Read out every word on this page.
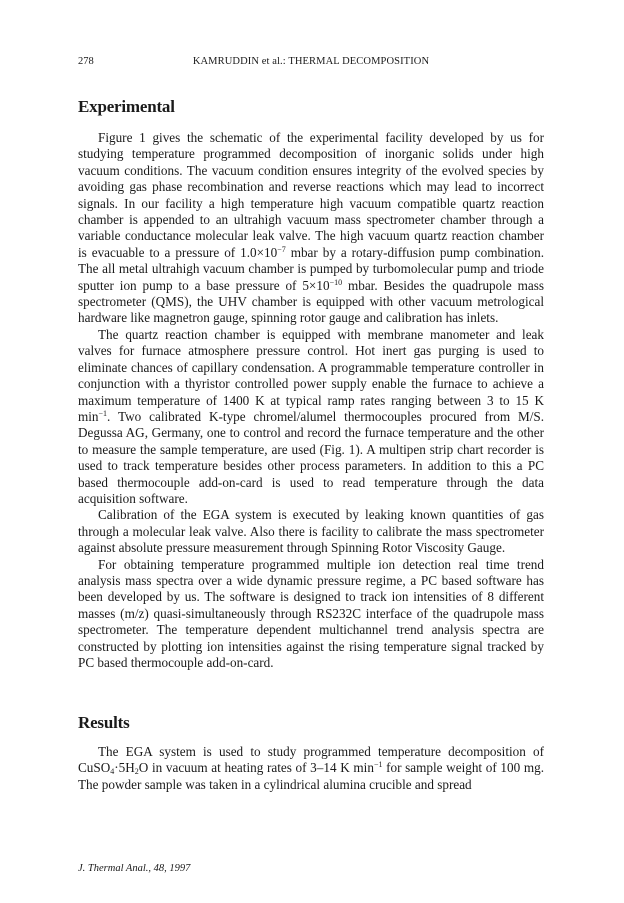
278	KAMRUDDIN et al.: THERMAL DECOMPOSITION
Experimental

Figure 1 gives the schematic of the experimental facility developed by us for studying temperature programmed decomposition of inorganic solids under high vacuum conditions. The vacuum condition ensures integrity of the evolved species by avoiding gas phase recombination and reverse reactions which may lead to incorrect signals. In our facility a high temperature high vacuum compatible quartz reaction chamber is appended to an ultrahigh vacuum mass spectrometer chamber through a variable conductance molecular leak valve. The high vacuum quartz reaction chamber is evacuable to a pressure of $1.0\times 10^{-7}$ mbar by a rotary-diffusion pump combination. The all metal ultrahigh vacuum chamber is pumped by turbomolecular pump and triode sputter ion pump to a base pressure of $5\times 10^{-10}$ mbar. Besides the quadrupole mass spectrometer (QMS), the UHV chamber is equipped with other vacuum metrological hardware like magnetron gauge, spinning rotor gauge and calibration has inlets.

The quartz reaction chamber is equipped with membrane manometer and leak valves for furnace atmosphere pressure control. Hot inert gas purging is used to eliminate chances of capillary condensation. A programmable temperature controller in conjunction with a thyristor controlled power supply enable the furnace to achieve a maximum temperature of 1400 K at typical ramp rates ranging between 3 to 15 K $\min^{-1}$. Two calibrated K-type chromel/alumel thermocouples procured from M/S. Degussa AG, Germany, one to control and record the furnace temperature and the other to measure the sample temperature, are used (Fig. 1). A multipen strip chart recorder is used to track temperature besides other process parameters. In addition to this a PC based thermocouple add-on-card is used to read temperature through the data acquisition software.

Calibration of the EGA system is executed by leaking known quantities of gas through a molecular leak valve. Also there is facility to calibrate the mass spectrometer against absolute pressure measurement through Spinning Rotor Viscosity Gauge.

For obtaining temperature programmed multiple ion detection real time trend analysis mass spectra over a wide dynamic pressure regime, a PC based software has been developed by us. The software is designed to track ion intensities of 8 different masses (m/z) quasi-simultaneously through RS232C interface of the quadrupole mass spectrometer. The temperature dependent multichannel trend analysis spectra are constructed by plotting ion intensities against the rising temperature signal tracked by PC based thermocouple add-on-card.

Results

The EGA system is used to study programmed temperature decomposition of $CuSO_4\cdot 5H_2O$ in vacuum at heating rates of 3–14 K $\min^{-1}$ for sample weight of 100 mg. The powder sample was taken in a cylindrical alumina crucible and spread

J. Thermal Anal., 48, 1997
